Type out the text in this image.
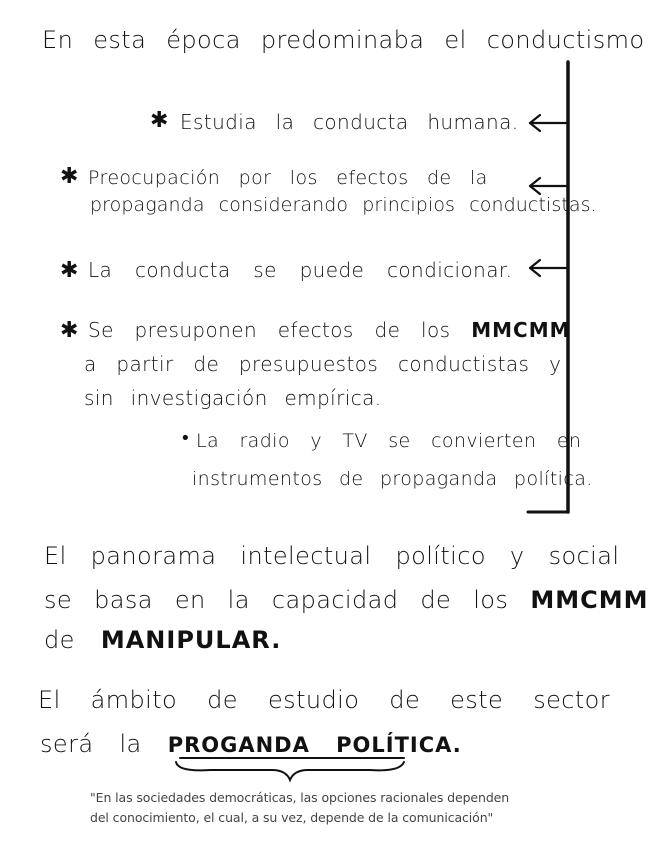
En esta época predominaba el conductismo
✱ Estudia la conducta humana.
✱ Preocupación por los efectos de la
propaganda considerando principios conductistas.
✱ La conducta se puede condicionar.
✱ Se presuponen efectos de los MMCMM
a partir de presupuestos conductistas y
sin investigación empírica.
• La radio y TV se convierten en
instrumentos de propaganda política.
El panorama intelectual político y social
se basa en la capacidad de los MMCMM
de MANIPULAR.
El ámbito de estudio de este sector
será la PROGANDA POLÍTICA.
"En las sociedades democráticas, las opciones racionales dependen
del conocimiento, el cual, a su vez, depende de la comunicación"
